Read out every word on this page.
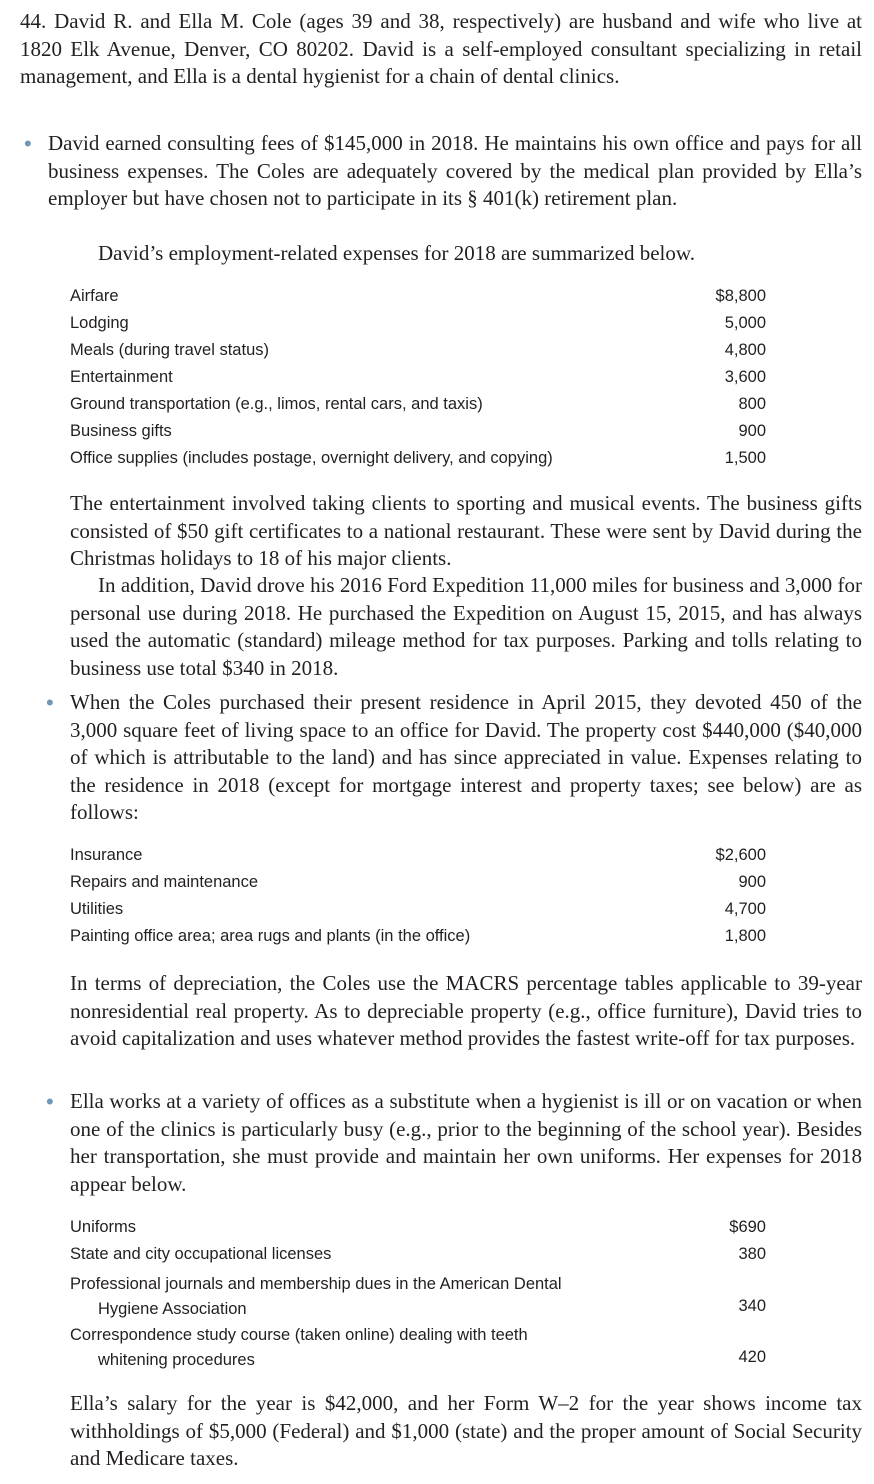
44. David R. and Ella M. Cole (ages 39 and 38, respectively) are husband and wife who live at 1820 Elk Avenue, Denver, CO 80202. David is a self-employed consultant specializing in retail management, and Ella is a dental hygienist for a chain of dental clinics.
• David earned consulting fees of $145,000 in 2018. He maintains his own office and pays for all business expenses. The Coles are adequately covered by the medical plan provided by Ella’s employer but have chosen not to participate in its § 401(k) retirement plan.
David’s employment-related expenses for 2018 are summarized below.
Airfare	$8,800
Lodging	5,000
Meals (during travel status)	4,800
Entertainment	3,600
Ground transportation (e.g., limos, rental cars, and taxis)	800
Business gifts	900
Office supplies (includes postage, overnight delivery, and copying)	1,500
The entertainment involved taking clients to sporting and musical events. The business gifts consisted of $50 gift certificates to a national restaurant. These were sent by David during the Christmas holidays to 18 of his major clients.
In addition, David drove his 2016 Ford Expedition 11,000 miles for business and 3,000 for personal use during 2018. He purchased the Expedition on August 15, 2015, and has always used the automatic (standard) mileage method for tax purposes. Parking and tolls relating to business use total $340 in 2018.
• When the Coles purchased their present residence in April 2015, they devoted 450 of the 3,000 square feet of living space to an office for David. The property cost $440,000 ($40,000 of which is attributable to the land) and has since appreciated in value. Expenses relating to the residence in 2018 (except for mortgage interest and property taxes; see below) are as follows:
Insurance	$2,600
Repairs and maintenance	900
Utilities	4,700
Painting office area; area rugs and plants (in the office)	1,800
In terms of depreciation, the Coles use the MACRS percentage tables applicable to 39-year nonresidential real property. As to depreciable property (e.g., office furniture), David tries to avoid capitalization and uses whatever method provides the fastest write-off for tax purposes.
• Ella works at a variety of offices as a substitute when a hygienist is ill or on vacation or when one of the clinics is particularly busy (e.g., prior to the beginning of the school year). Besides her transportation, she must provide and maintain her own uniforms. Her expenses for 2018 appear below.
Uniforms	$690
State and city occupational licenses	380
Professional journals and membership dues in the American Dental
Hygiene Association	340
Correspondence study course (taken online) dealing with teeth
whitening procedures	420
Ella’s salary for the year is $42,000, and her Form W–2 for the year shows income tax withholdings of $5,000 (Federal) and $1,000 (state) and the proper amount of Social Security and Medicare taxes.
